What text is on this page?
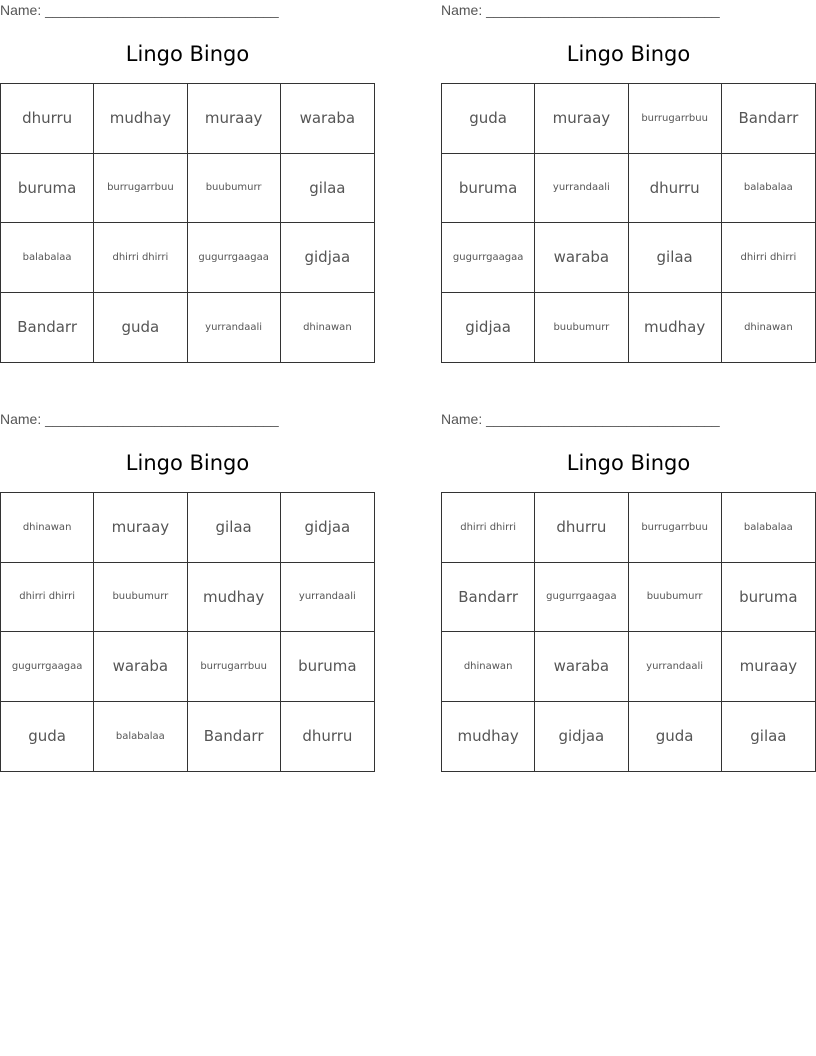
Name: ______________________________
Lingo Bingo
dhurru	mudhay	muraay	waraba
buruma	burrugarrbuu	buubumurr	gilaa
balabalaa	dhirri dhirri	gugurrgaagaa	gidjaa
Bandarr	guda	yurrandaali	dhinawan
Name: ______________________________
Lingo Bingo
guda	muraay	burrugarrbuu	Bandarr
buruma	yurrandaali	dhurru	balabalaa
gugurrgaagaa	waraba	gilaa	dhirri dhirri
gidjaa	buubumurr	mudhay	dhinawan
Name: ______________________________
Lingo Bingo
dhinawan	muraay	gilaa	gidjaa
dhirri dhirri	buubumurr	mudhay	yurrandaali
gugurrgaagaa	waraba	burrugarrbuu	buruma
guda	balabalaa	Bandarr	dhurru
Name: ______________________________
Lingo Bingo
dhirri dhirri	dhurru	burrugarrbuu	balabalaa
Bandarr	gugurrgaagaa	buubumurr	buruma
dhinawan	waraba	yurrandaali	muraay
mudhay	gidjaa	guda	gilaa
